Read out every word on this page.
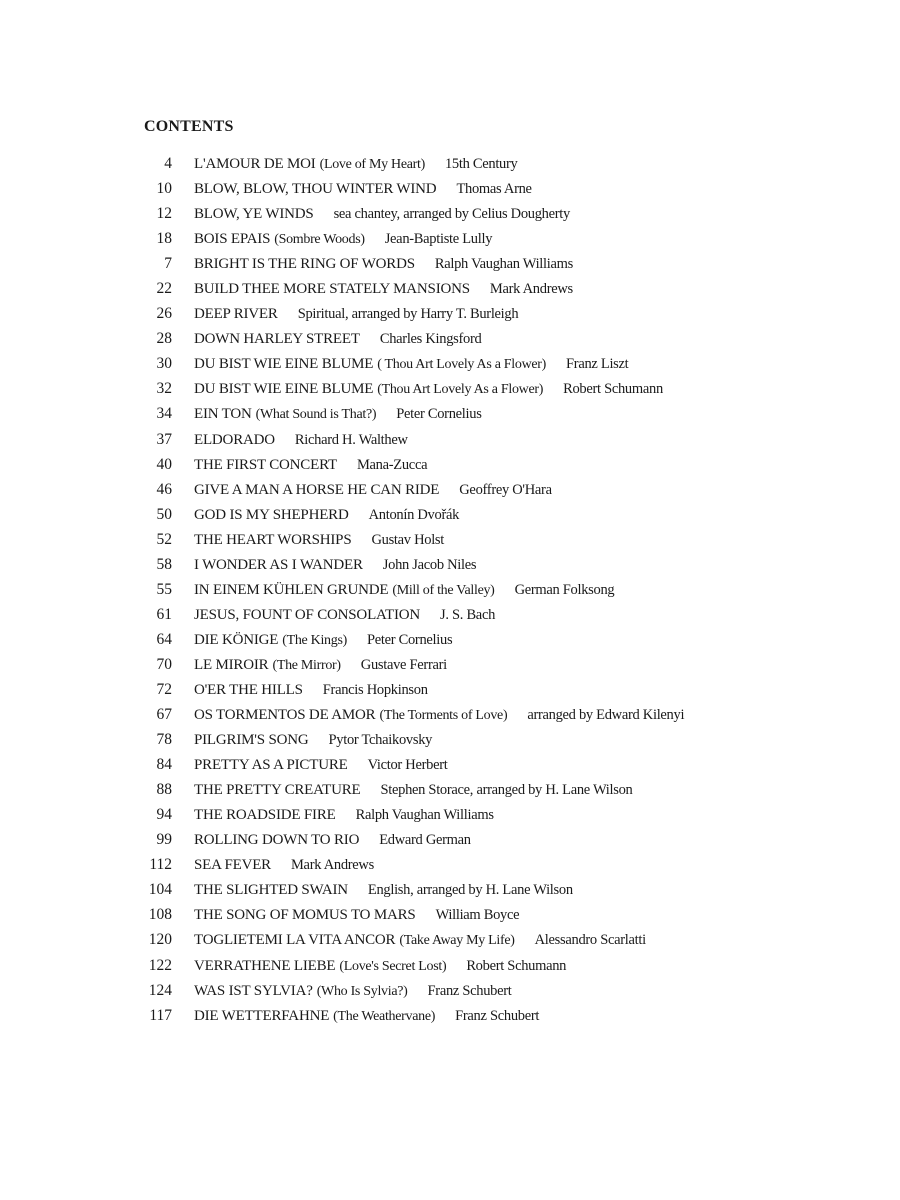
CONTENTS
4 L'AMOUR DE MOI
(Love of My Heart) 15th Century
10 BLOW, BLOW, THOU WINTER WIND Thomas Arne
12 BLOW, YE WINDS sea chantey, arranged by Celius Dougherty
18 BOIS EPAIS
(Sombre Woods) Jean-Baptiste Lully
7 BRIGHT IS THE RING OF WORDS Ralph Vaughan Williams
22 BUILD THEE MORE STATELY MANSIONS Mark Andrews
26 DEEP RIVER Spiritual, arranged by Harry T. Burleigh
28 DOWN HARLEY STREET Charles Kingsford
30 DU BIST WIE EINE BLUME
( Thou Art Lovely As a Flower) Franz Liszt
32 DU BIST WIE EINE BLUME
(Thou Art Lovely As a Flower) Robert Schumann
34 EIN TON
(What Sound is That?) Peter Cornelius
37 ELDORADO Richard H. Walthew
40 THE FIRST CONCERT Mana-Zucca
46 GIVE A MAN A HORSE HE CAN RIDE Geoffrey O'Hara
50 GOD IS MY SHEPHERD Antonín Dvořák
52 THE HEART WORSHIPS Gustav Holst
58 I WONDER AS I WANDER John Jacob Niles
55 IN EINEM KÜHLEN GRUNDE
(Mill of the Valley) German Folksong
61 JESUS, FOUNT OF CONSOLATION J. S. Bach
64 DIE KÖNIGE
(The Kings) Peter Cornelius
70 LE MIROIR
(The Mirror) Gustave Ferrari
72 O'ER THE HILLS Francis Hopkinson
67 OS TORMENTOS DE AMOR
(The Torments of Love) arranged by Edward Kilenyi
78 PILGRIM'S SONG Pytor Tchaikovsky
84 PRETTY AS A PICTURE Victor Herbert
88 THE PRETTY CREATURE Stephen Storace, arranged by H. Lane Wilson
94 THE ROADSIDE FIRE Ralph Vaughan Williams
99 ROLLING DOWN TO RIO Edward German
112 SEA FEVER Mark Andrews
104 THE SLIGHTED SWAIN English, arranged by H. Lane Wilson
108 THE SONG OF MOMUS TO MARS William Boyce
120 TOGLIETEMI LA VITA ANCOR
(Take Away My Life) Alessandro Scarlatti
122 VERRATHENE LIEBE
(Love's Secret Lost) Robert Schumann
124 WAS IST SYLVIA?
(Who Is Sylvia?) Franz Schubert
117 DIE WETTERFAHNE
(The Weathervane) Franz Schubert
